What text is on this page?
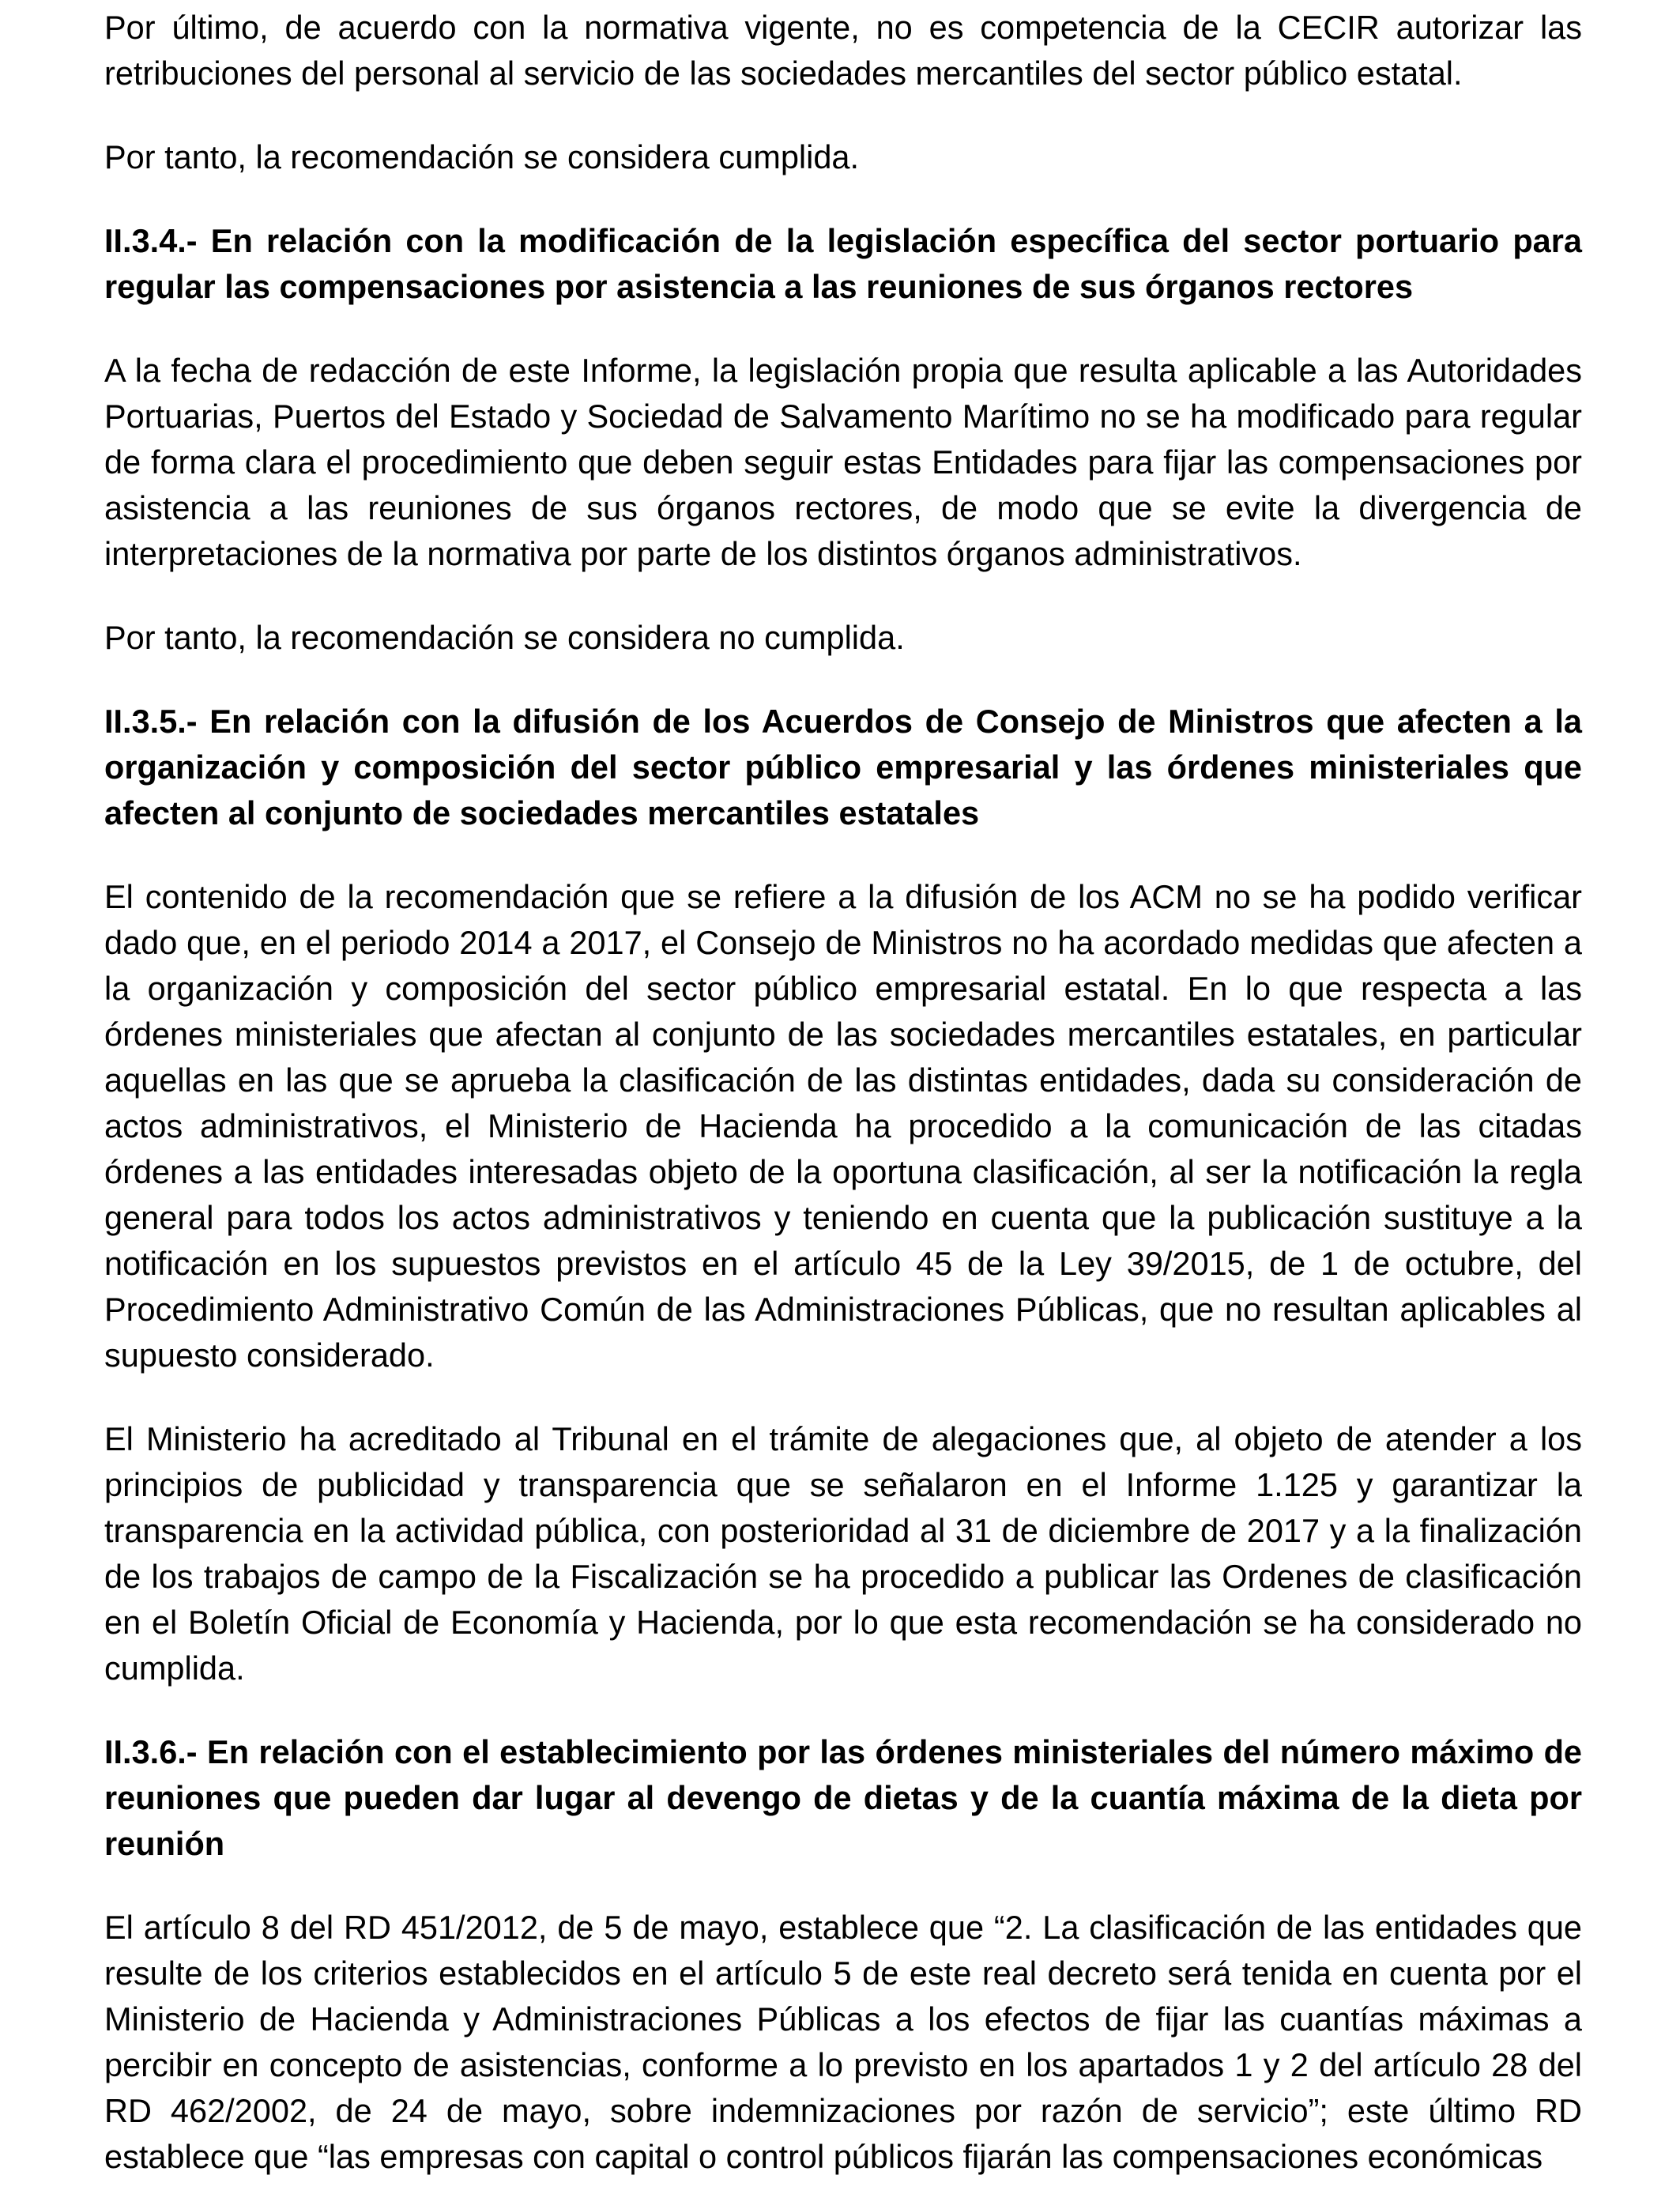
Por último, de acuerdo con la normativa vigente, no es competencia de la CECIR autorizar las retribuciones del personal al servicio de las sociedades mercantiles del sector público estatal.

Por tanto, la recomendación se considera cumplida.

II.3.4.- En relación con la modificación de la legislación específica del sector portuario para regular las compensaciones por asistencia a las reuniones de sus órganos rectores

A la fecha de redacción de este Informe, la legislación propia que resulta aplicable a las Autoridades Portuarias, Puertos del Estado y Sociedad de Salvamento Marítimo no se ha modificado para regular de forma clara el procedimiento que deben seguir estas Entidades para fijar las compensaciones por asistencia a las reuniones de sus órganos rectores, de modo que se evite la divergencia de interpretaciones de la normativa por parte de los distintos órganos administrativos.

Por tanto, la recomendación se considera no cumplida.

II.3.5.- En relación con la difusión de los Acuerdos de Consejo de Ministros que afecten a la organización y composición del sector público empresarial y las órdenes ministeriales que afecten al conjunto de sociedades mercantiles estatales

El contenido de la recomendación que se refiere a la difusión de los ACM no se ha podido verificar dado que, en el periodo 2014 a 2017, el Consejo de Ministros no ha acordado medidas que afecten a la organización y composición del sector público empresarial estatal. En lo que respecta a las órdenes ministeriales que afectan al conjunto de las sociedades mercantiles estatales, en particular aquellas en las que se aprueba la clasificación de las distintas entidades, dada su consideración de actos administrativos, el Ministerio de Hacienda ha procedido a la comunicación de las citadas órdenes a las entidades interesadas objeto de la oportuna clasificación, al ser la notificación la regla general para todos los actos administrativos y teniendo en cuenta que la publicación sustituye a la notificación en los supuestos previstos en el artículo 45 de la Ley 39/2015, de 1 de octubre, del Procedimiento Administrativo Común de las Administraciones Públicas, que no resultan aplicables al supuesto considerado.

El Ministerio ha acreditado al Tribunal en el trámite de alegaciones que, al objeto de atender a los principios de publicidad y transparencia que se señalaron en el Informe 1.125 y garantizar la transparencia en la actividad pública, con posterioridad al 31 de diciembre de 2017 y a la finalización de los trabajos de campo de la Fiscalización se ha procedido a publicar las Ordenes de clasificación en el Boletín Oficial de Economía y Hacienda, por lo que esta recomendación se ha considerado no cumplida.

II.3.6.- En relación con el establecimiento por las órdenes ministeriales del número máximo de reuniones que pueden dar lugar al devengo de dietas y de la cuantía máxima de la dieta por reunión

El artículo 8 del RD 451/2012, de 5 de mayo, establece que “2. La clasificación de las entidades que resulte de los criterios establecidos en el artículo 5 de este real decreto será tenida en cuenta por el Ministerio de Hacienda y Administraciones Públicas a los efectos de fijar las cuantías máximas a percibir en concepto de asistencias, conforme a lo previsto en los apartados 1 y 2 del artículo 28 del RD 462/2002, de 24 de mayo, sobre indemnizaciones por razón de servicio”; este último RD establece que “las empresas con capital o control públicos fijarán las compensaciones económicas
